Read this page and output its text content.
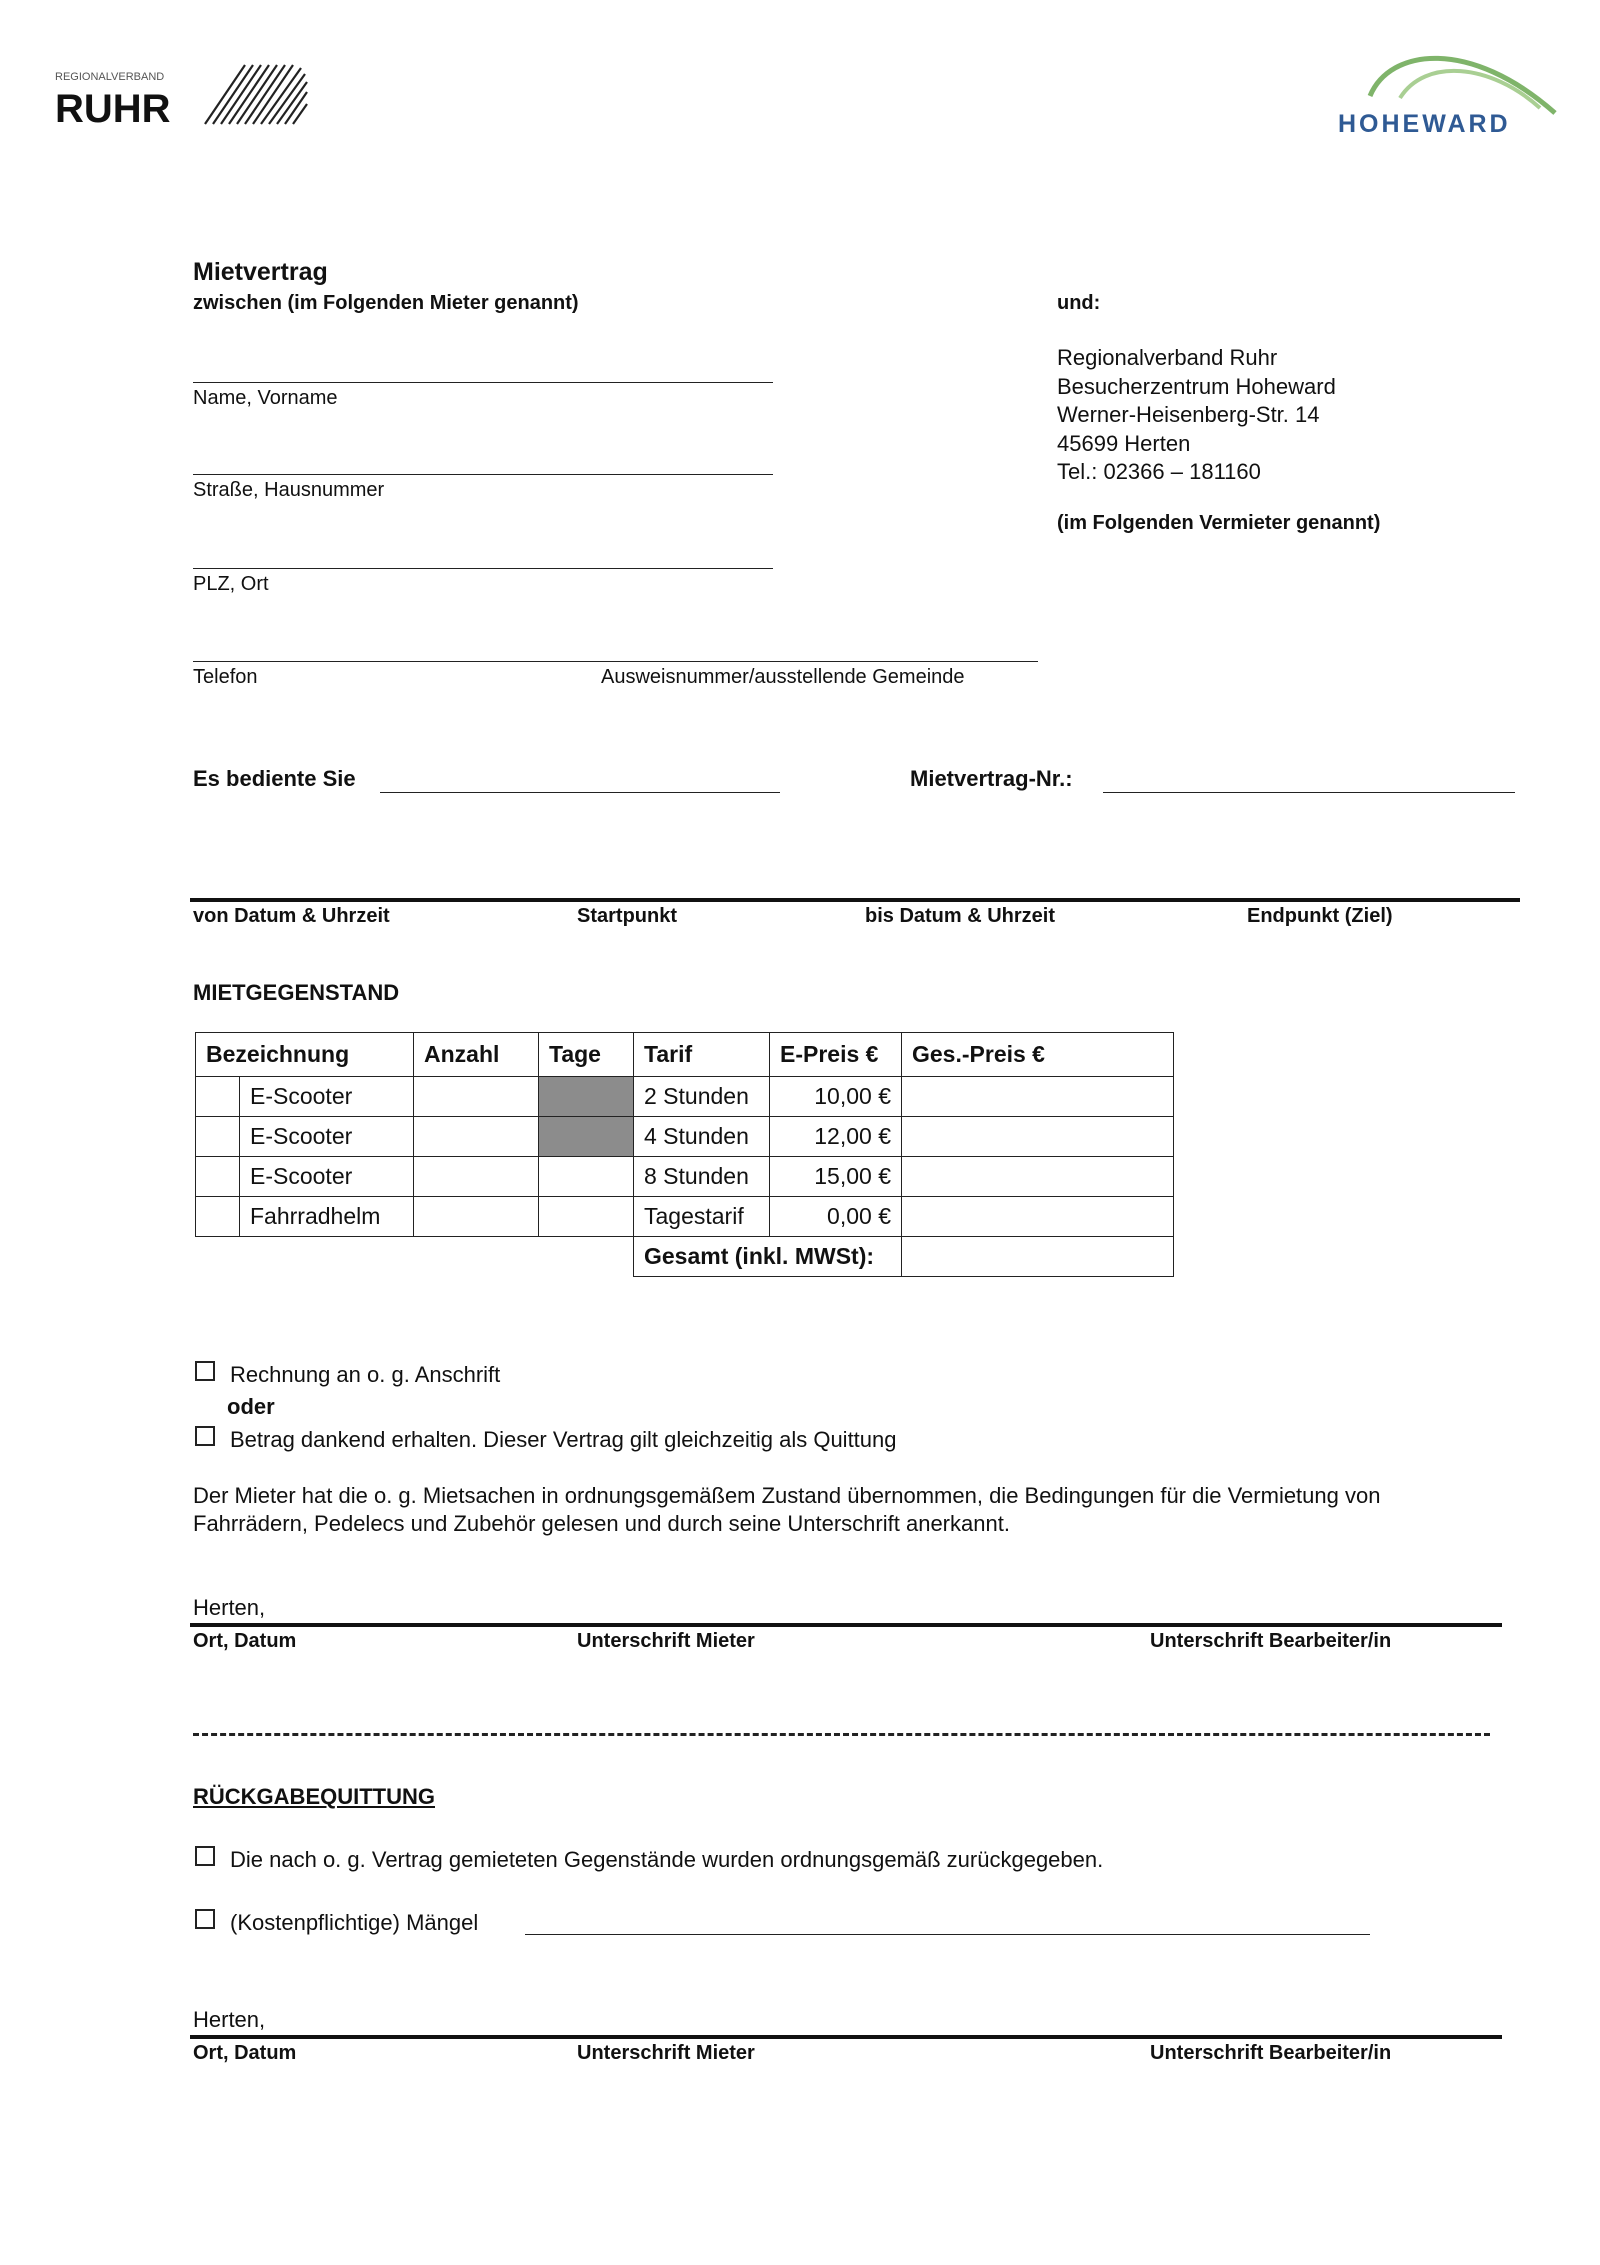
REGIONALVERBAND
RUHR	HOHEWARD
Mietvertrag
zwischen (im Folgenden Mieter genannt)	und:
Name, Vorname
Straße, Hausnummer
PLZ, Ort
Telefon	Ausweisnummer/ausstellende Gemeinde
Regionalverband Ruhr
Besucherzentrum Hoheward
Werner-Heisenberg-Str. 14
45699 Herten
Tel.: 02366 – 181160
(im Folgenden Vermieter genannt)
Es bediente Sie	Mietvertrag-Nr.:
von Datum & Uhrzeit	Startpunkt	bis Datum & Uhrzeit	Endpunkt (Ziel)
MIETGEGENSTAND
Bezeichnung		Anzahl	Tage	Tarif	E-Preis €	Ges.-Preis €
	E-Scooter			2 Stunden	10,00 €	
	E-Scooter			4 Stunden	12,00 €	
	E-Scooter			8 Stunden	15,00 €	
	Fahrradhelm			Tagestarif	0,00 €	
				Gesamt (inkl. MWSt):		
Rechnung an o. g. Anschrift
oder
Betrag dankend erhalten. Dieser Vertrag gilt gleichzeitig als Quittung
Der Mieter hat die o. g. Mietsachen in ordnungsgemäßem Zustand übernommen, die Bedingungen für die Vermietung von Fahrrädern, Pedelecs und Zubehör gelesen und durch seine Unterschrift anerkannt.
Herten,
Ort, Datum	Unterschrift Mieter	Unterschrift Bearbeiter/in
RÜCKGABEQUITTUNG
Die nach o. g. Vertrag gemieteten Gegenstände wurden ordnungsgemäß zurückgegeben.
(Kostenpflichtige) Mängel
Herten,
Ort, Datum	Unterschrift Mieter	Unterschrift Bearbeiter/in
